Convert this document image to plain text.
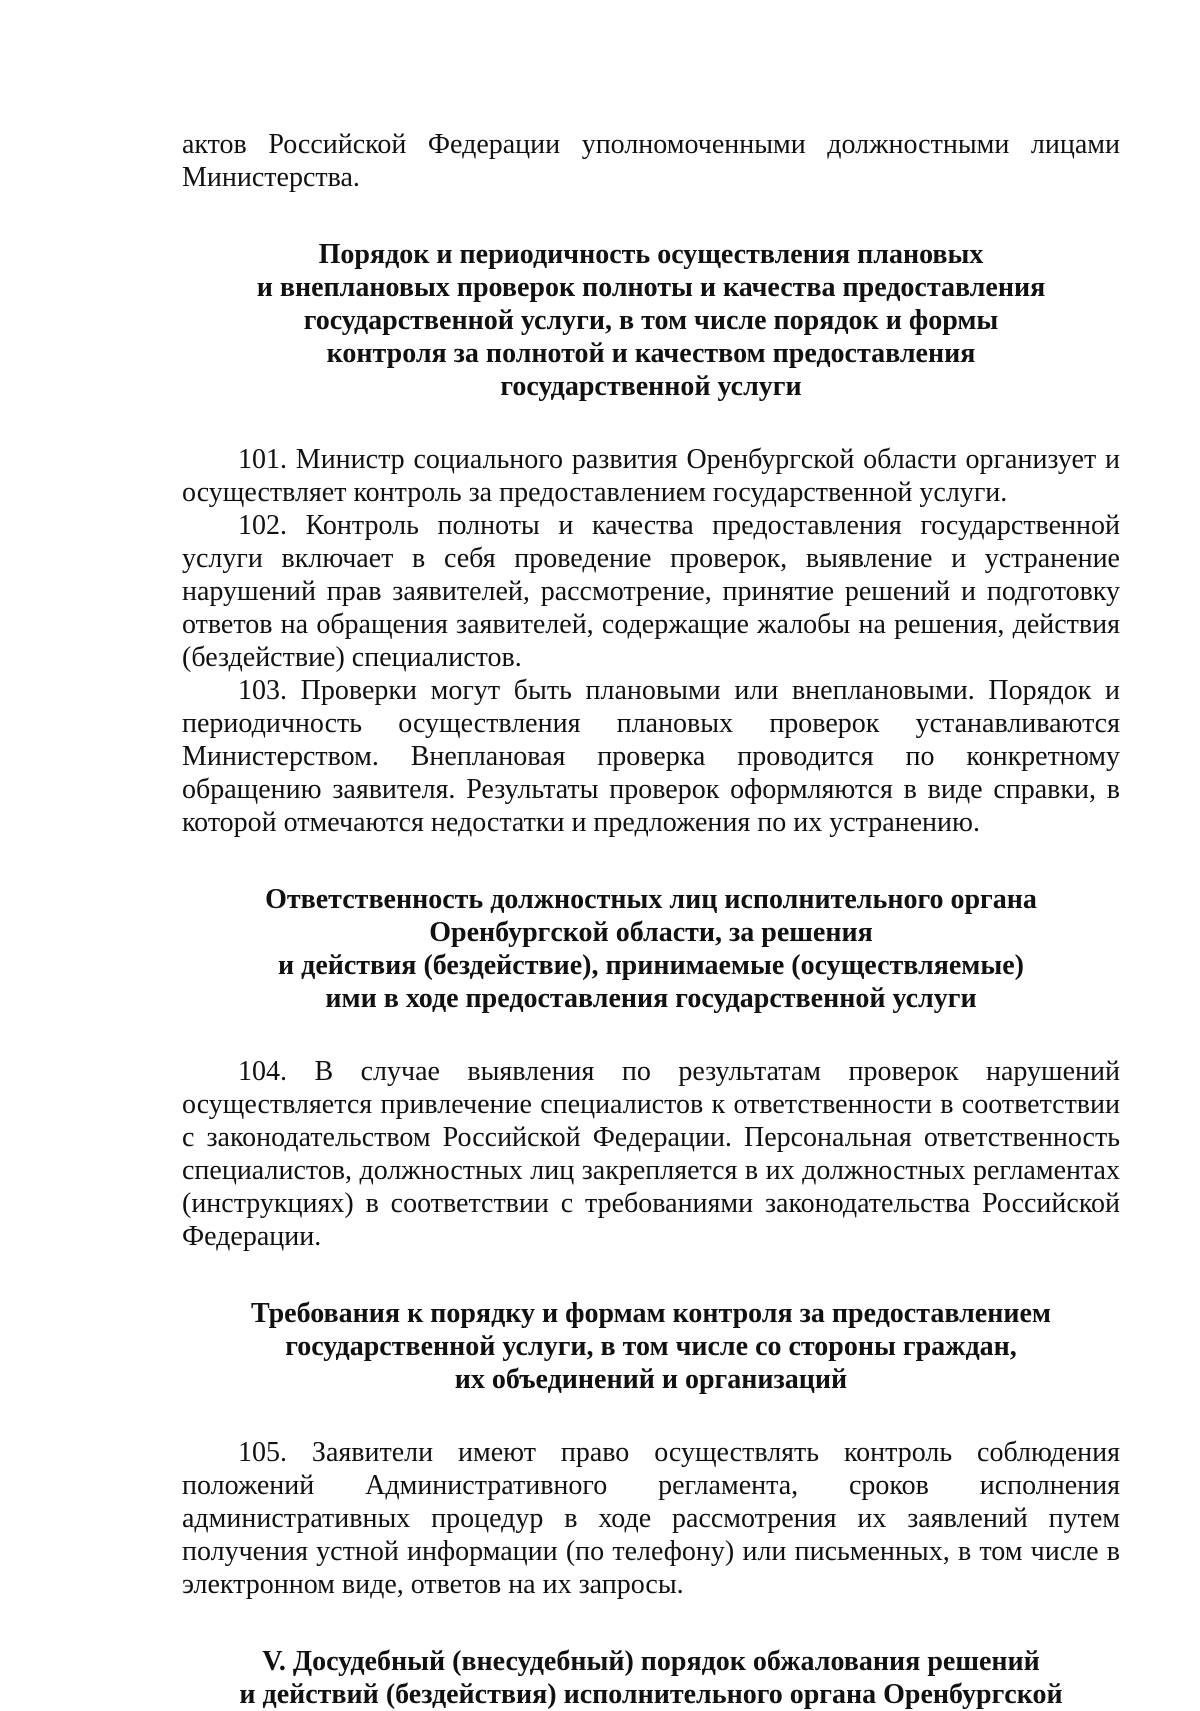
актов Российской Федерации уполномоченными должностными лицами Министерства.

Порядок и периодичность осуществления плановых
и внеплановых проверок полноты и качества предоставления
государственной услуги, в том числе порядок и формы
контроля за полнотой и качеством предоставления
государственной услуги

101. Министр социального развития Оренбургской области организует и осуществляет контроль за предоставлением государственной услуги.

102. Контроль полноты и качества предоставления государственной услуги включает в себя проведение проверок, выявление и устранение нарушений прав заявителей, рассмотрение, принятие решений и подготовку ответов на обращения заявителей, содержащие жалобы на решения, действия (бездействие) специалистов.

103. Проверки могут быть плановыми или внеплановыми. Порядок и периодичность осуществления плановых проверок устанавливаются Министерством. Внеплановая проверка проводится по конкретному обращению заявителя. Результаты проверок оформляются в виде справки, в которой отмечаются недостатки и предложения по их устранению.

Ответственность должностных лиц исполнительного органа
Оренбургской области, за решения
и действия (бездействие), принимаемые (осуществляемые)
ими в ходе предоставления государственной услуги

104. В случае выявления по результатам проверок нарушений осуществляется привлечение специалистов к ответственности в соответствии с законодательством Российской Федерации. Персональная ответственность специалистов, должностных лиц закрепляется в их должностных регламентах (инструкциях) в соответствии с требованиями законодательства Российской Федерации.

Требования к порядку и формам контроля за предоставлением
государственной услуги, в том числе со стороны граждан,
их объединений и организаций

105. Заявители имеют право осуществлять контроль соблюдения положений Административного регламента, сроков исполнения административных процедур в ходе рассмотрения их заявлений путем получения устной информации (по телефону) или письменных, в том числе в электронном виде, ответов на их запросы.

V. Досудебный (внесудебный) порядок обжалования решений
и действий (бездействия) исполнительного органа Оренбургской
